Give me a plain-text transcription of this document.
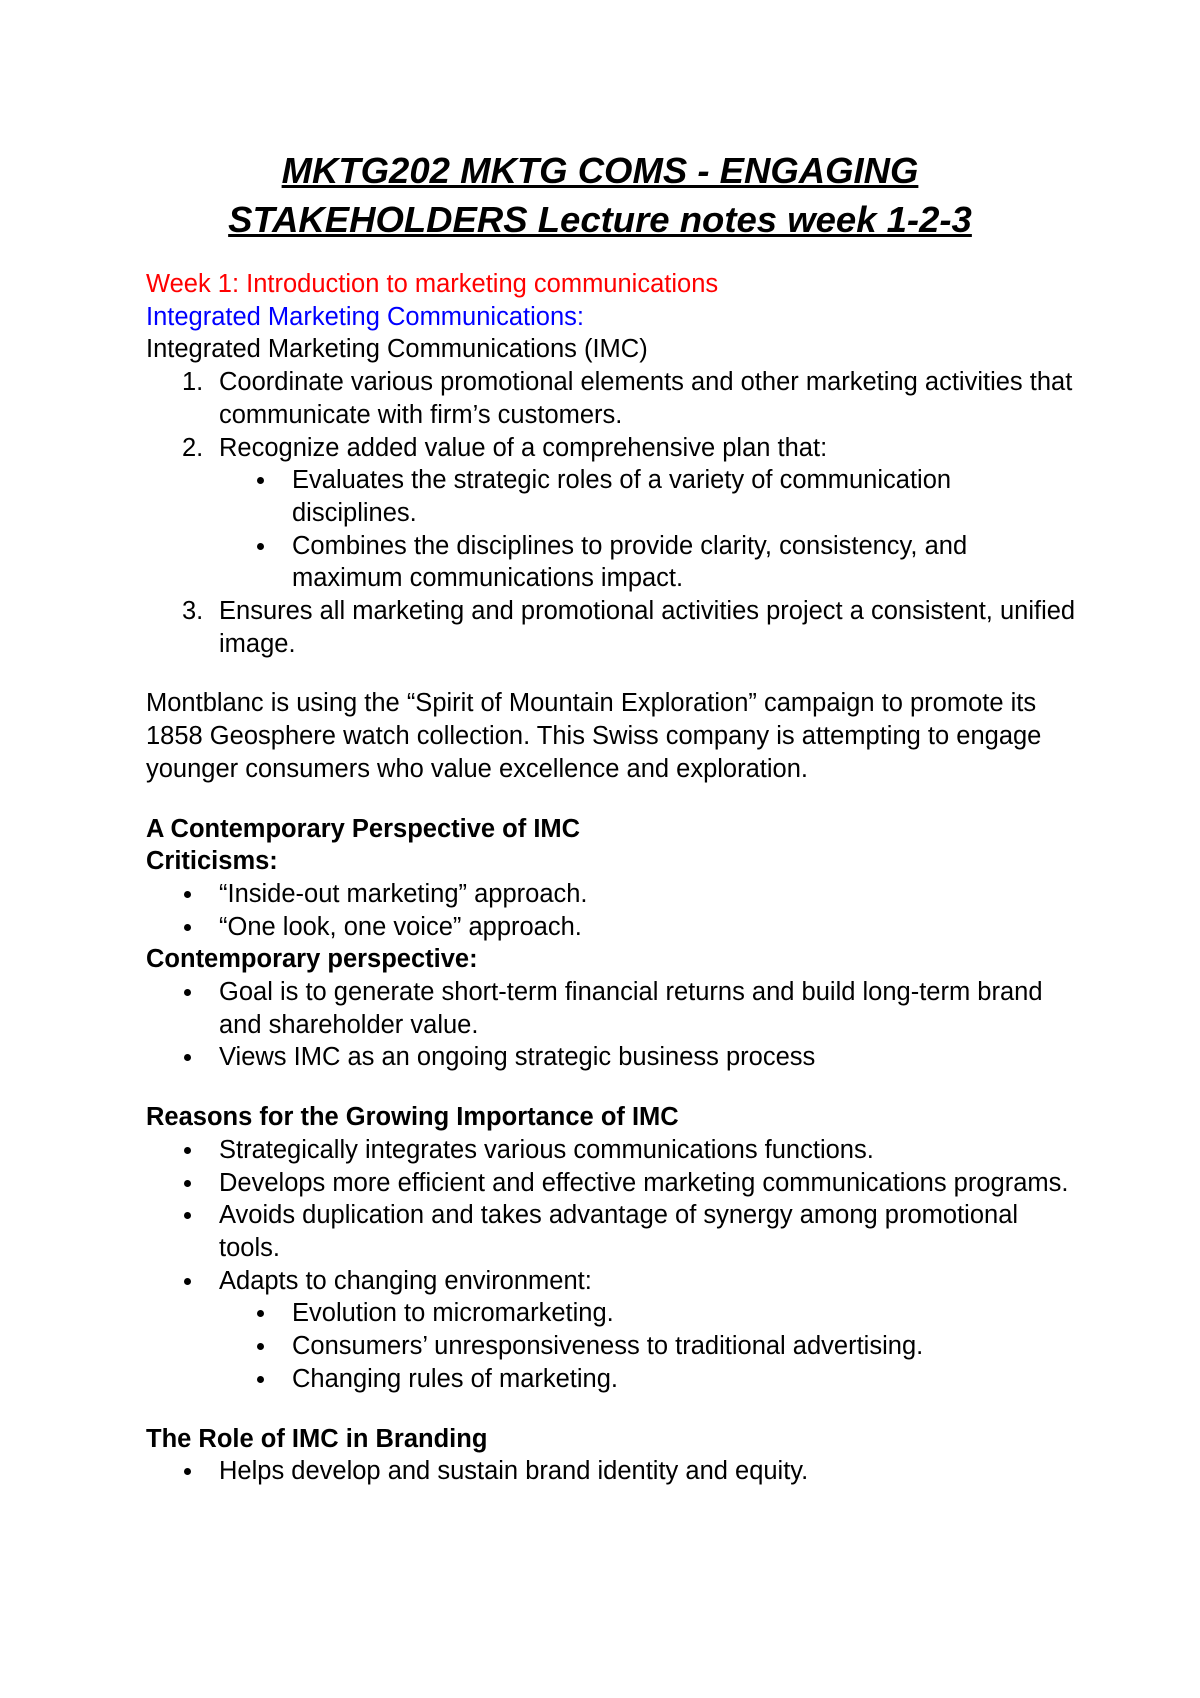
MKTG202 MKTG COMS - ENGAGING
STAKEHOLDERS Lecture notes week 1-2-3

Week 1: Introduction to marketing communications

Integrated Marketing Communications:

Integrated Marketing Communications (IMC)

1. Coordinate various promotional elements and other marketing activities that communicate with firm’s customers.
2. Recognize added value of a comprehensive plan that:
Evaluates the strategic roles of a variety of communication disciplines.
Combines the disciplines to provide clarity, consistency, and maximum communications impact.
3. Ensures all marketing and promotional activities project a consistent, unified image.

Montblanc is using the “Spirit of Mountain Exploration” campaign to promote its 1858 Geosphere watch collection. This Swiss company is attempting to engage younger consumers who value excellence and exploration.

A Contemporary Perspective of IMC

Criticisms:

“Inside-out marketing” approach.
“One look, one voice” approach.

Contemporary perspective:

Goal is to generate short-term financial returns and build long-term brand and shareholder value.
Views IMC as an ongoing strategic business process

Reasons for the Growing Importance of IMC

Strategically integrates various communications functions.
Develops more efficient and effective marketing communications programs.
Avoids duplication and takes advantage of synergy among promotional tools.
Adapts to changing environment:
Evolution to micromarketing.
Consumers’ unresponsiveness to traditional advertising.
Changing rules of marketing.

The Role of IMC in Branding

Helps develop and sustain brand identity and equity.
